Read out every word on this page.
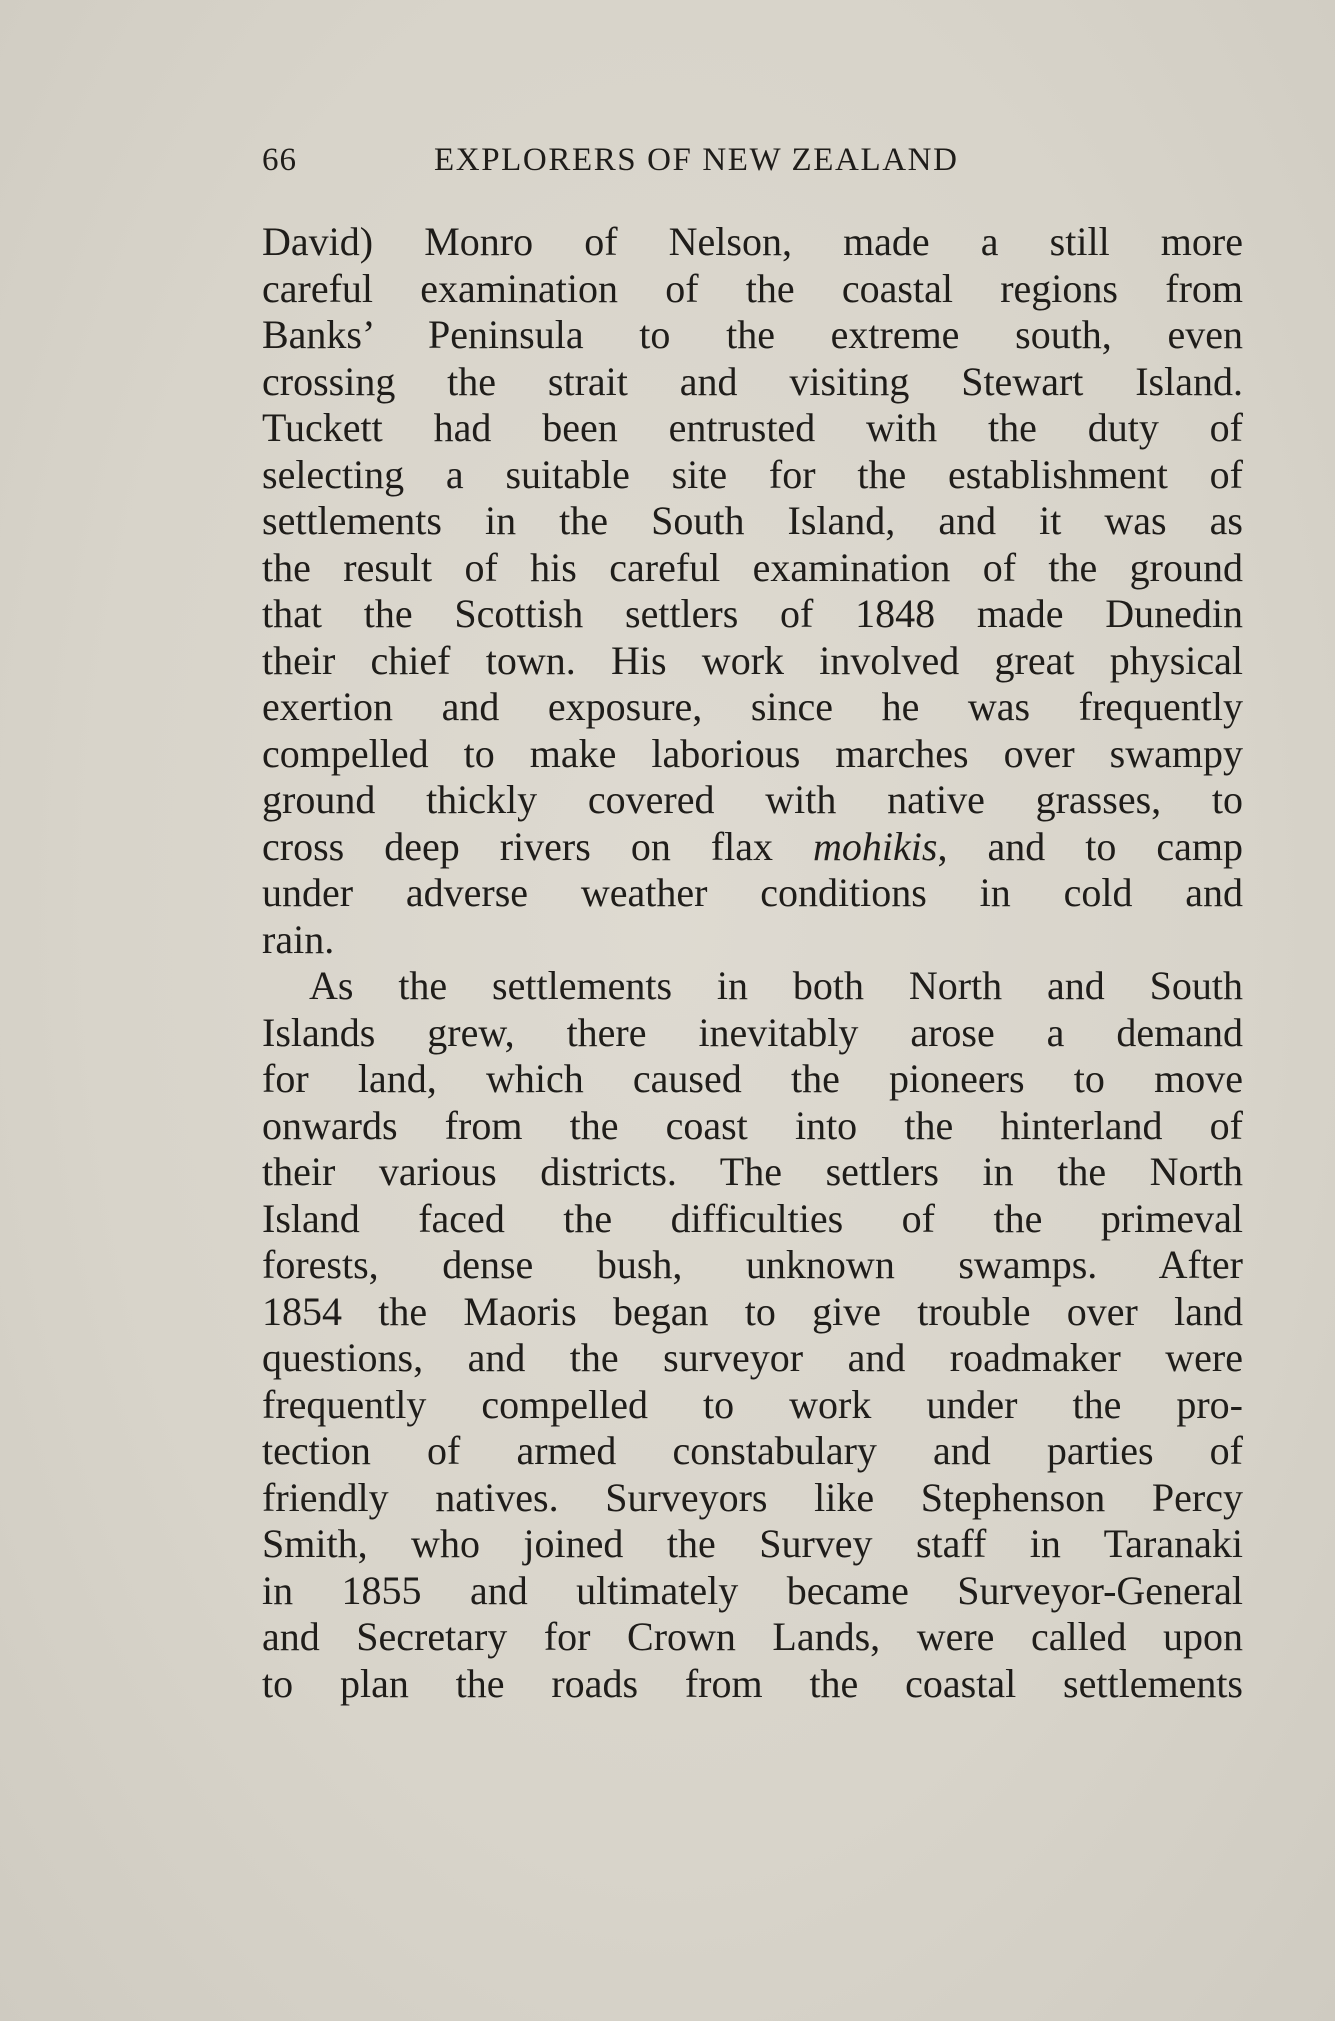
66	EXPLORERS OF NEW ZEALAND
David) Monro of Nelson, made a still more
careful examination of the coastal regions from
Banks’ Peninsula to the extreme south, even
crossing the strait and visiting Stewart Island.
Tuckett had been entrusted with the duty of
selecting a suitable site for the establishment of
settlements in the South Island, and it was as
the result of his careful examination of the ground
that the Scottish settlers of 1848 made Dunedin
their chief town. His work involved great physical
exertion and exposure, since he was frequently
compelled to make laborious marches over swampy
ground thickly covered with native grasses, to
cross deep rivers on flax mohikis, and to camp
under adverse weather conditions in cold and
rain.
As the settlements in both North and South
Islands grew, there inevitably arose a demand
for land, which caused the pioneers to move
onwards from the coast into the hinterland of
their various districts. The settlers in the North
Island faced the difficulties of the primeval
forests, dense bush, unknown swamps. After
1854 the Maoris began to give trouble over land
questions, and the surveyor and roadmaker were
frequently compelled to work under the pro-
tection of armed constabulary and parties of
friendly natives. Surveyors like Stephenson Percy
Smith, who joined the Survey staff in Taranaki
in 1855 and ultimately became Surveyor-General
and Secretary for Crown Lands, were called upon
to plan the roads from the coastal settlements
